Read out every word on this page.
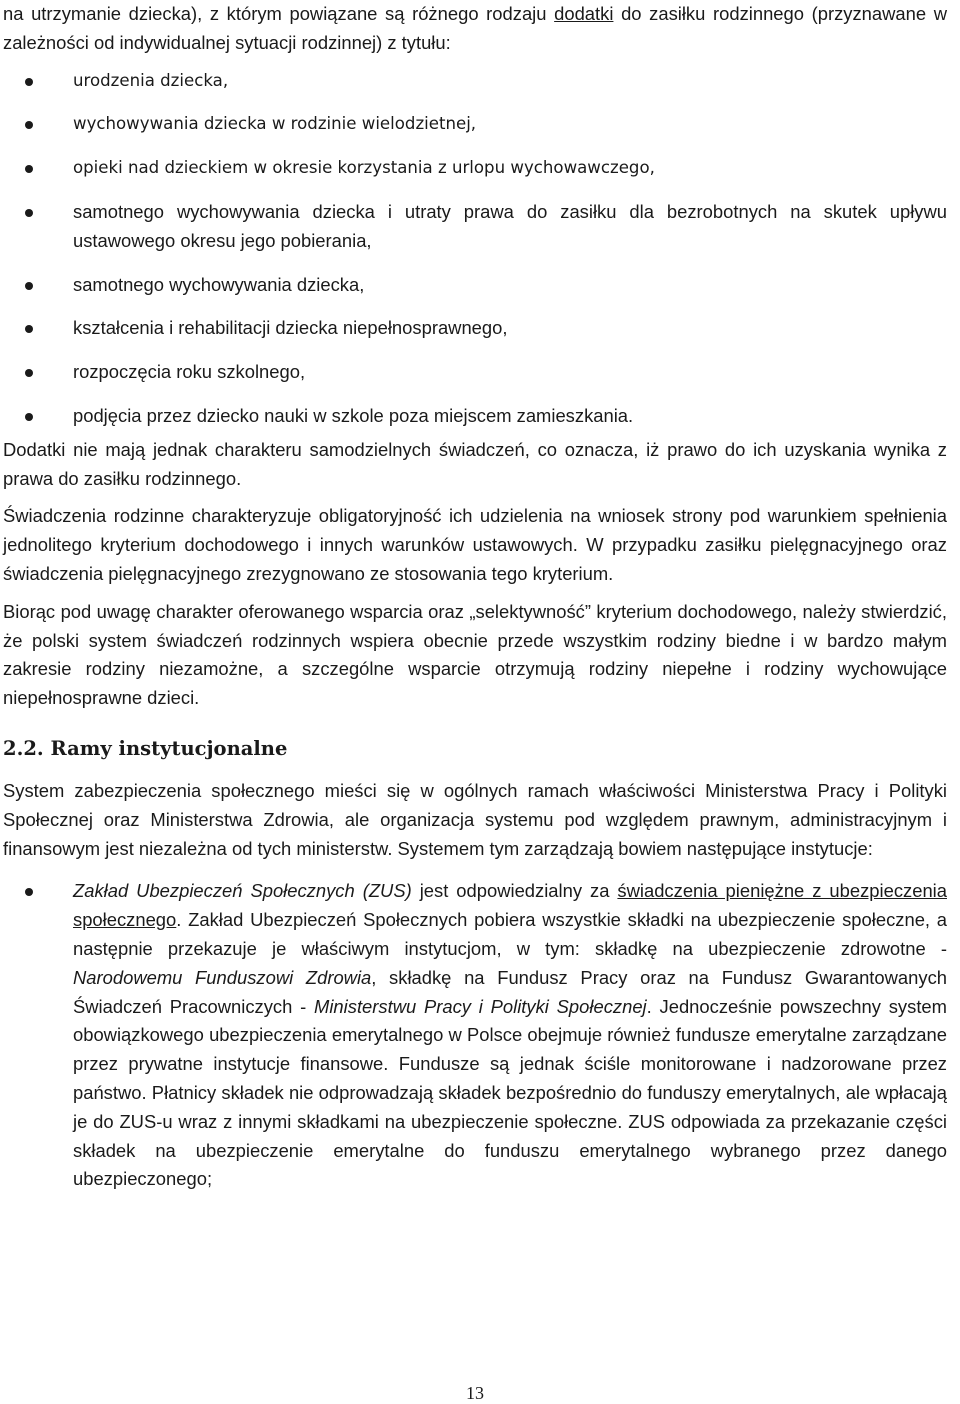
na utrzymanie dziecka), z którym powiązane są różnego rodzaju dodatki do zasiłku rodzinnego (przyznawane w zależności od indywidualnej sytuacji rodzinnej) z tytułu:

urodzenia dziecka,
wychowywania dziecka w rodzinie wielodzietnej,
opieki nad dzieckiem w okresie korzystania z urlopu wychowawczego,
samotnego wychowywania dziecka i utraty prawa do zasiłku dla bezrobotnych na skutek upływu ustawowego okresu jego pobierania,
samotnego wychowywania dziecka,
kształcenia i rehabilitacji dziecka niepełnosprawnego,
rozpoczęcia roku szkolnego,
podjęcia przez dziecko nauki w szkole poza miejscem zamieszkania.

Dodatki nie mają jednak charakteru samodzielnych świadczeń, co oznacza, iż prawo do ich uzyskania wynika z prawa do zasiłku rodzinnego.

Świadczenia rodzinne charakteryzuje obligatoryjność ich udzielenia na wniosek strony pod warunkiem spełnienia jednolitego kryterium dochodowego i innych warunków ustawowych. W przypadku zasiłku pielęgnacyjnego oraz świadczenia pielęgnacyjnego zrezygnowano ze stosowania tego kryterium.

Biorąc pod uwagę charakter oferowanego wsparcia oraz „selektywność” kryterium dochodowego, należy stwierdzić, że polski system świadczeń rodzinnych wspiera obecnie przede wszystkim rodziny biedne i w bardzo małym zakresie rodziny niezamożne, a szczególne wsparcie otrzymują rodziny niepełne i rodziny wychowujące niepełnosprawne dzieci.

2.2. Ramy instytucjonalne

System zabezpieczenia społecznego mieści się w ogólnych ramach właściwości Ministerstwa Pracy i Polityki Społecznej oraz Ministerstwa Zdrowia, ale organizacja systemu pod względem prawnym, administracyjnym i finansowym jest niezależna od tych ministerstw. Systemem tym zarządzają bowiem następujące instytucje:

Zakład Ubezpieczeń Społecznych (ZUS) jest odpowiedzialny za świadczenia pieniężne z ubezpieczenia społecznego. Zakład Ubezpieczeń Społecznych pobiera wszystkie składki na ubezpieczenie społeczne, a następnie przekazuje je właściwym instytucjom, w tym: składkę na ubezpieczenie zdrowotne - Narodowemu Funduszowi Zdrowia, składkę na Fundusz Pracy oraz na Fundusz Gwarantowanych Świadczeń Pracowniczych - Ministerstwu Pracy i Polityki Społecznej. Jednocześnie powszechny system obowiązkowego ubezpieczenia emerytalnego w Polsce obejmuje również fundusze emerytalne zarządzane przez prywatne instytucje finansowe. Fundusze są jednak ściśle monitorowane i nadzorowane przez państwo. Płatnicy składek nie odprowadzają składek bezpośrednio do funduszy emerytalnych, ale wpłacają je do ZUS-u wraz z innymi składkami na ubezpieczenie społeczne. ZUS odpowiada za przekazanie części składek na ubezpieczenie emerytalne do funduszu emerytalnego wybranego przez danego ubezpieczonego;
13
